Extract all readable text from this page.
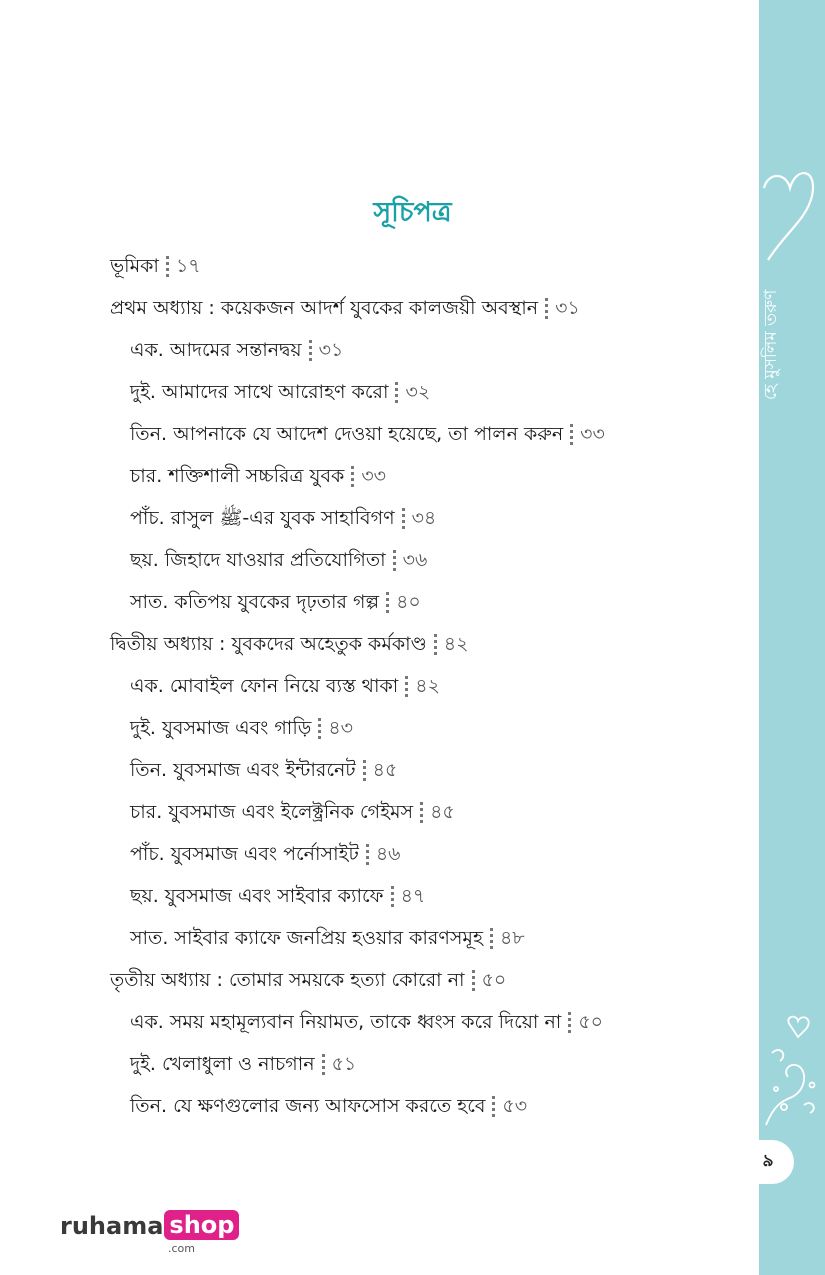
হে মুসলিম তরুণ
৯
সূচিপত্র
ভূমিকা ১৭
প্রথম অধ্যায় : কয়েকজন আদর্শ যুবকের কালজয়ী অবস্থান ৩১
এক. আদমের সন্তানদ্বয় ৩১
দুই. আমাদের সাথে আরোহণ করো ৩২
তিন. আপনাকে যে আদেশ দেওয়া হয়েছে, তা পালন করুন ৩৩
চার. শক্তিশালী সচ্চরিত্র যুবক ৩৩
পাঁচ. রাসুল ﷺ-এর যুবক সাহাবিগণ ৩৪
ছয়. জিহাদে যাওয়ার প্রতিযোগিতা ৩৬
সাত. কতিপয় যুবকের দৃঢ়তার গল্প ৪০
দ্বিতীয় অধ্যায় : যুবকদের অহেতুক কর্মকাণ্ড ৪২
এক. মোবাইল ফোন নিয়ে ব্যস্ত থাকা ৪২
দুই. যুবসমাজ এবং গাড়ি ৪৩
তিন. যুবসমাজ এবং ইন্টারনেট ৪৫
চার. যুবসমাজ এবং ইলেক্ট্রনিক গেইমস ৪৫
পাঁচ. যুবসমাজ এবং পর্নোসাইট ৪৬
ছয়. যুবসমাজ এবং সাইবার ক্যাফে ৪৭
সাত. সাইবার ক্যাফে জনপ্রিয় হওয়ার কারণসমূহ ৪৮
তৃতীয় অধ্যায় : তোমার সময়কে হত্যা কোরো না ৫০
এক. সময় মহামূল্যবান নিয়ামত, তাকে ধ্বংস করে দিয়ো না ৫০
দুই. খেলাধুলা ও নাচগান ৫১
তিন. যে ক্ষণগুলোর জন্য আফসোস করতে হবে ৫৩
ruhama shop
.com
